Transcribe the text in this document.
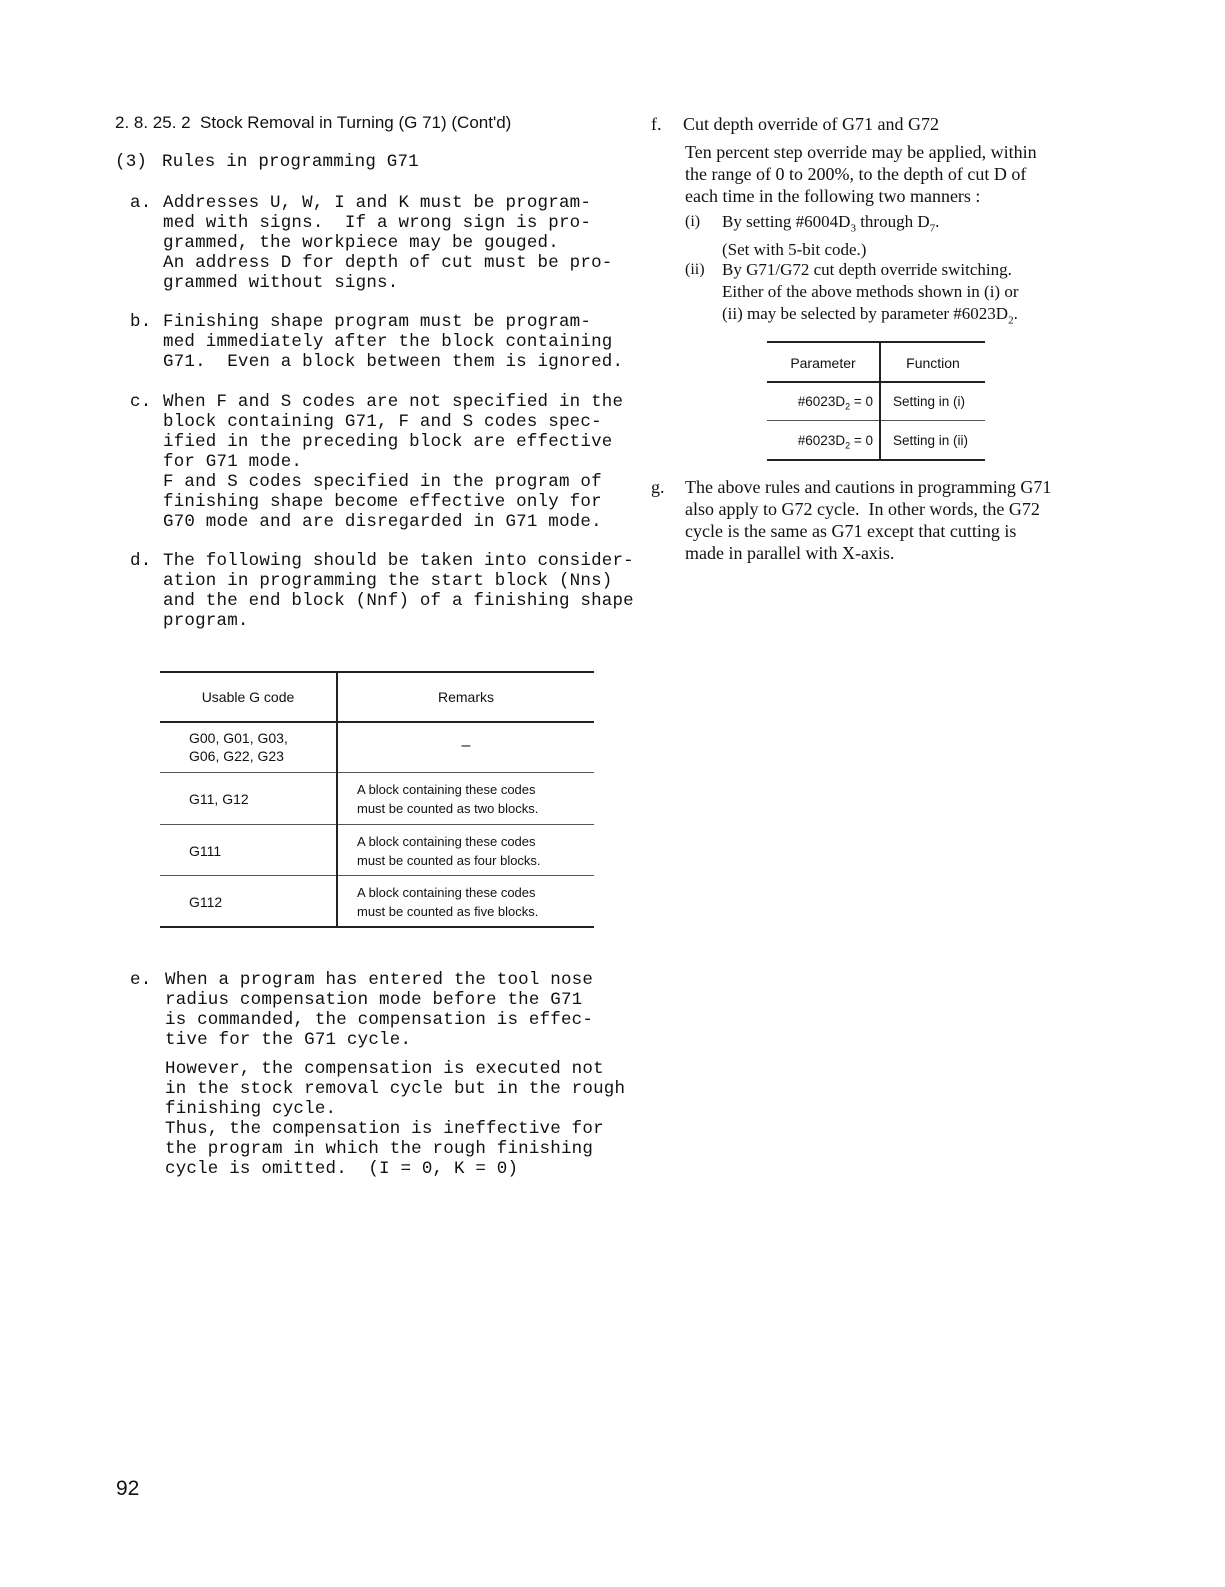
2. 8. 25. 2  Stock Removal in Turning (G 71) (Cont'd)
(3) Rules in programming G71
a. Addresses U, W, I and K must be program-
med with signs.  If a wrong sign is pro-
grammed, the workpiece may be gouged.
An address D for depth of cut must be pro-
grammed without signs.
b. Finishing shape program must be program-
med immediately after the block containing
G71.  Even a block between them is ignored.
c. When F and S codes are not specified in the
block containing G71, F and S codes spec-
ified in the preceding block are effective
for G71 mode.
F and S codes specified in the program of
finishing shape become effective only for
G70 mode and are disregarded in G71 mode.
d. The following should be taken into consider-
ation in programming the start block (Nns)
and the end block (Nnf) of a finishing shape
program.
Usable G code	Remarks
G00, G01, G03,
G06, G22, G23
–
G11, G12
A block containing these codes
must be counted as two blocks.
G111
A block containing these codes
must be counted as four blocks.
G112
A block containing these codes
must be counted as five blocks.
e. When a program has entered the tool nose
radius compensation mode before the G71
is commanded, the compensation is effec-
tive for the G71 cycle.
However, the compensation is executed not
in the stock removal cycle but in the rough
finishing cycle.
Thus, the compensation is ineffective for
the program in which the rough finishing
cycle is omitted.  (I = 0, K = 0)
f. Cut depth override of G71 and G72
Ten percent step override may be applied, within
the range of 0 to 200%, to the depth of cut D of
each time in the following two manners :
(i) By setting $\#6004D_3$ through $D_7$.
(Set with 5-bit code.)
(ii) By G71/G72 cut depth override switching.
Either of the above methods shown in (i) or
(ii) may be selected by parameter $\#6023D_2$.
Parameter	Function
$\#6023D_2 = 0$ Setting in (i)
$\#6023D_2 = 0$ Setting in (ii)
g. The above rules and cautions in programming G71
also apply to G72 cycle.  In other words, the G72
cycle is the same as G71 except that cutting is
made in parallel with X-axis.
92
